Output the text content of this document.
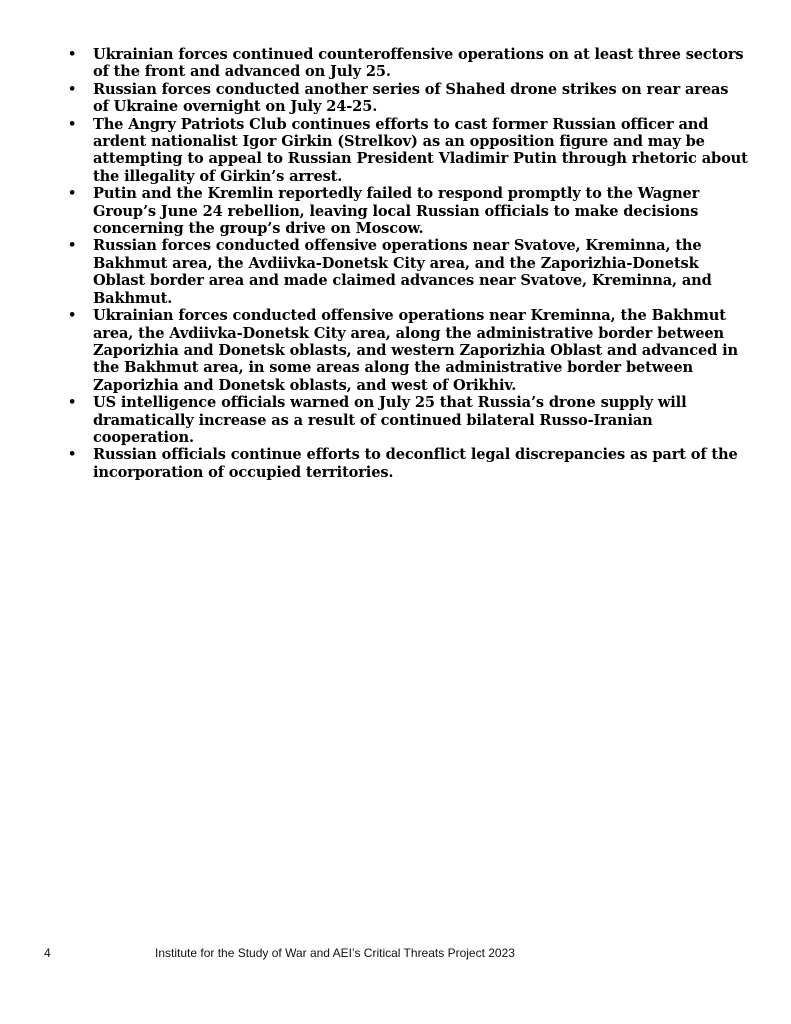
• Ukrainian forces continued counteroffensive operations on at least three sectors of the front and advanced on July 25.
• Russian forces conducted another series of Shahed drone strikes on rear areas of Ukraine overnight on July 24-25.
• The Angry Patriots Club continues efforts to cast former Russian officer and ardent nationalist Igor Girkin (Strelkov) as an opposition figure and may be attempting to appeal to Russian President Vladimir Putin through rhetoric about the illegality of Girkin’s arrest.
• Putin and the Kremlin reportedly failed to respond promptly to the Wagner Group’s June 24 rebellion, leaving local Russian officials to make decisions concerning the group’s drive on Moscow.
• Russian forces conducted offensive operations near Svatove, Kreminna, the Bakhmut area, the Avdiivka-Donetsk City area, and the Zaporizhia-Donetsk Oblast border area and made claimed advances near Svatove, Kreminna, and Bakhmut.
• Ukrainian forces conducted offensive operations near Kreminna, the Bakhmut area, the Avdiivka-Donetsk City area, along the administrative border between Zaporizhia and Donetsk oblasts, and western Zaporizhia Oblast and advanced in the Bakhmut area, in some areas along the administrative border between Zaporizhia and Donetsk oblasts, and west of Orikhiv.
• US intelligence officials warned on July 25 that Russia’s drone supply will dramatically increase as a result of continued bilateral Russo-Iranian cooperation.
• Russian officials continue efforts to deconflict legal discrepancies as part of the incorporation of occupied territories.
4	Institute for the Study of War and AEI’s Critical Threats Project 2023
